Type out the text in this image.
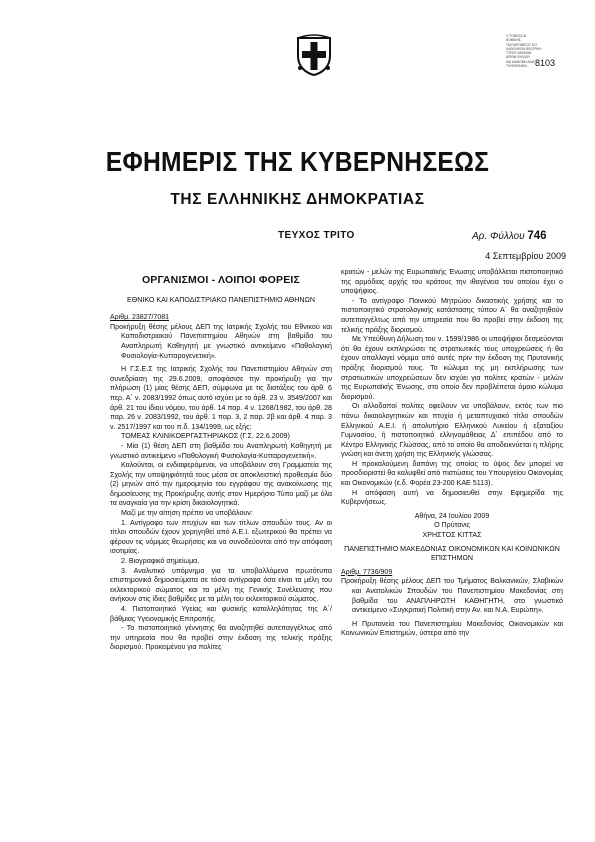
Ο ΤΟΜΕΑΣ ΑΙ
ΝΟΜΙΚΗΣ
ΤΑΧΥΔΡΟΜΕΙΟΥ ΣΙΟ
ΚΑΘΟΛΙΚΩΝ ΘΕΑΤΡΙΚΗ
ΤΥΠΟΥ ΑΘΗΝΩΝ
ΑΡΙΘΜ ΦΥΛΛΟΥ
ΚΑΙ ΔΙΑΝΟΜΗ ΑΔΙΑ
ΤΗΛΕΦΩΝΙΚΑ 8103
ΕΦΗΜΕΡΙΣ ΤΗΣ ΚΥΒΕΡΝΗΣΕΩΣ
ΤΗΣ ΕΛΛΗΝΙΚΗΣ ΔΗΜΟΚΡΑΤΙΑΣ
ΤΕΥΧΟΣ ΤΡΙΤΟ	Αρ. Φύλλου 746
4 Σεπτεμβρίου 2009
ΟΡΓΑΝΙΣΜΟΙ - ΛΟΙΠΟΙ ΦΟΡΕΙΣ
ΕΘΝΙΚΟ ΚΑΙ ΚΑΠΟΔΙΣΤΡΙΑΚΟ ΠΑΝΕΠΙΣΤΗΜΙΟ ΑΘΗΝΩΝ
Αριθμ. 23827/7081

Προκήρυξη θέσης μέλους ΔΕΠ της Ιατρικής Σχολής του Εθνικού και Καποδιστριακού Πανεπιστημίου Αθηνών στη βαθμίδα του Αναπληρωτή Καθηγητή με γνωστικό αντικείμενο «Παθολογική Φυσιολογία-Κυτταρογενετική».

Η Γ.Σ.Ε.Σ της Ιατρικής Σχολής του Πανεπιστημίου Αθηνών στη συνεδρίαση της 29.6.2009, αποφάσισε την προκήρυξη για την πλήρωση (1) μίας θέσης ΔΕΠ, σύμφωνα με τις διατάξεις του άρθ. 6 περ. Α΄ ν. 2083/1992 όπως αυτό ισχύει με το άρθ. 23 ν. 3549/2007 και άρθ. 21 του ίδιου νόμου, του άρθ. 14 παρ. 4 ν. 1268/1982, του άρθ. 28 παρ. 26 ν. 2083/1992, του άρθ. 1 παρ. 3, 2 παρ. 2β και άρθ. 4 παρ. 3 ν. 2517/1997 και του π.δ. 134/1999, ως εξής:

ΤΟΜΕΑΣ ΚΛΙΝΙΚΟΕΡΓΑΣΤΗΡΙΑΚΟΣ (Γ.Σ. 22.6.2009)

- Μία (1) θέση ΔΕΠ στη βαθμίδα του Αναπληρωτή Καθηγητή με γνωστικό αντικείμενο «Παθολογική Φυσιολογία-Κυτταρογενετική».

Καλούνται, οι ενδιαφερόμενοι, να υποβάλουν στη Γραμματεία της Σχολής την υποψηφιότητά τους μέσα σε αποκλειστική προθεσμία δύο (2) μηνών από την ημερομηνία του εγγράφου της ανακοίνωσης της δημοσίευσης της Προκήρυξης αυτής στον Ημερήσιο Τύπο μαζί με όλα τα αναγκαία για την κρίση δικαιολογητικά.

Μαζί με την αίτηση πρέπει να υποβάλουν:

1. Αντίγραφο των πτυχίων και των τίτλων σπουδών τους. Αν οι τίτλοι σπουδών έχουν χορηγηθεί από Α.Ε.Ι. εξωτερικού θα πρέπει να φέρουν τις νόμιμες θεωρήσεις και να συνοδεύονται από την απόφαση ισοτιμίας.

2. Βιογραφικό σημείωμα.

3. Αναλυτικό υπόμνημα για τα υποβαλλόμενα πρωτότυπα επιστημονικά δημοσιεύματα σε τόσα αντίγραφα όσα είναι τα μέλη του εκλεκτορικού σώματος και τα μέλη της Γενικής Συνέλευσης που ανήκουν στις ίδιες βαθμίδες με τα μέλη του εκλεκτορικού σώματος.

4. Πιστοποιητικό Υγείας και φυσικής καταλληλότητας της Α΄/βάθμιας Υγειονομικής Επιτροπής.

- Το πιστοποιητικό γέννησης θα αναζητηθεί αυτεπαγγέλτως από την υπηρεσία που θα προβεί στην έκδοση της τελικής πράξης διορισμού. Προκειμένου για πολίτες

κρατών - μελών της Ευρωπαϊκής Ένωσης υποβάλλεται πιστοποιητικό της αρμόδιας αρχής του κράτους την ιθαγένεια του οποίου έχει ο υποψήφιος.

- Το αντίγραφο Ποινικού Μητρώου δικαστικής χρήσης και το πιστοποιητικό στρατολογικής κατάστασης τύπου Α΄ θα αναζητηθούν αυτεπαγγέλτως από την υπηρεσία που θα προβεί στην έκδοση της τελικής πράξης διορισμού.

Με Υπεύθυνη Δήλωση του ν. 1599/1986 οι υποψήφιοι δεσμεύονται ότι θα έχουν εκπληρώσει τις στρατιωτικές τους υποχρεώσεις ή θα έχουν απαλλαγεί νόμιμα από αυτές πριν την έκδοση της Πρυτανικής πράξης διορισμού τους. Το κώλυμα της μη εκπλήρωσης των στρατιωτικών υποχρεώσεων δεν ισχύει για πολίτες κρατών - μελών της Ευρωπαϊκής Ένωσης, στο οποίο δεν προβλέπεται όμοιο κώλυμα διορισμού.

Οι αλλοδαποί πολίτες οφείλουν να υποβάλουν, εκτός των πιο πάνω δικαιολογητικών και πτυχίο ή μεταπτυχιακό τίτλο σπουδών Ελληνικού Α.Ε.Ι. ή απολυτήριο Ελληνικού Λυκείου ή εξαταξίου Γυμνασίου, ή πιστοποιητικό ελληνομάθειας Δ΄ επιπέδου από το Κέντρο Ελληνικής Γλώσσας, από το οποίο θα αποδεικνύεται η πλήρης γνώση και άνετη χρήση της Ελληνικής γλώσσας.

Η προκαλούμενη δαπάνη της οποίας το ύψος δεν μπορεί να προσδιοριστεί θα καλυφθεί από πιστώσεις του Υπουργείου Οικονομίας και Οικονομικών (ε.δ. Φορέα 23-200 ΚΑΕ 5113).

Η απόφαση αυτή να δημοσιευθεί στην Εφημερίδα της Κυβερνήσεως.

Αθήνα, 24 Ιουλίου 2009
Ο Πρύτανις
ΧΡΗΣΤΟΣ ΚΙΤΤΑΣ
ΠΑΝΕΠΙΣΤΗΜΙΟ ΜΑΚΕΔΟΝΙΑΣ ΟΙΚΟΝΟΜΙΚΩΝ ΚΑΙ ΚΟΙΝΩΝΙΚΩΝ ΕΠΙΣΤΗΜΩΝ
Αριθμ. 7736/909

Προκήρυξη θέσης μέλους ΔΕΠ του Τμήματος Βαλκανικών, Σλαβικών και Ανατολικών Σπουδών του Πανεπιστημίου Μακεδονίας στη βαθμίδα του ΑΝΑΠΛΗΡΩΤΗ ΚΑΘΗΓΗΤΗ, στο γνωστικό αντικείμενο «Συγκριτική Πολιτική στην Αν. και Ν.Α. Ευρώπη».

Η Πρυτανεία του Πανεπιστημίου Μακεδονίας Οικονομικών και Κοινωνικών Επιστημών, ύστερα από την
